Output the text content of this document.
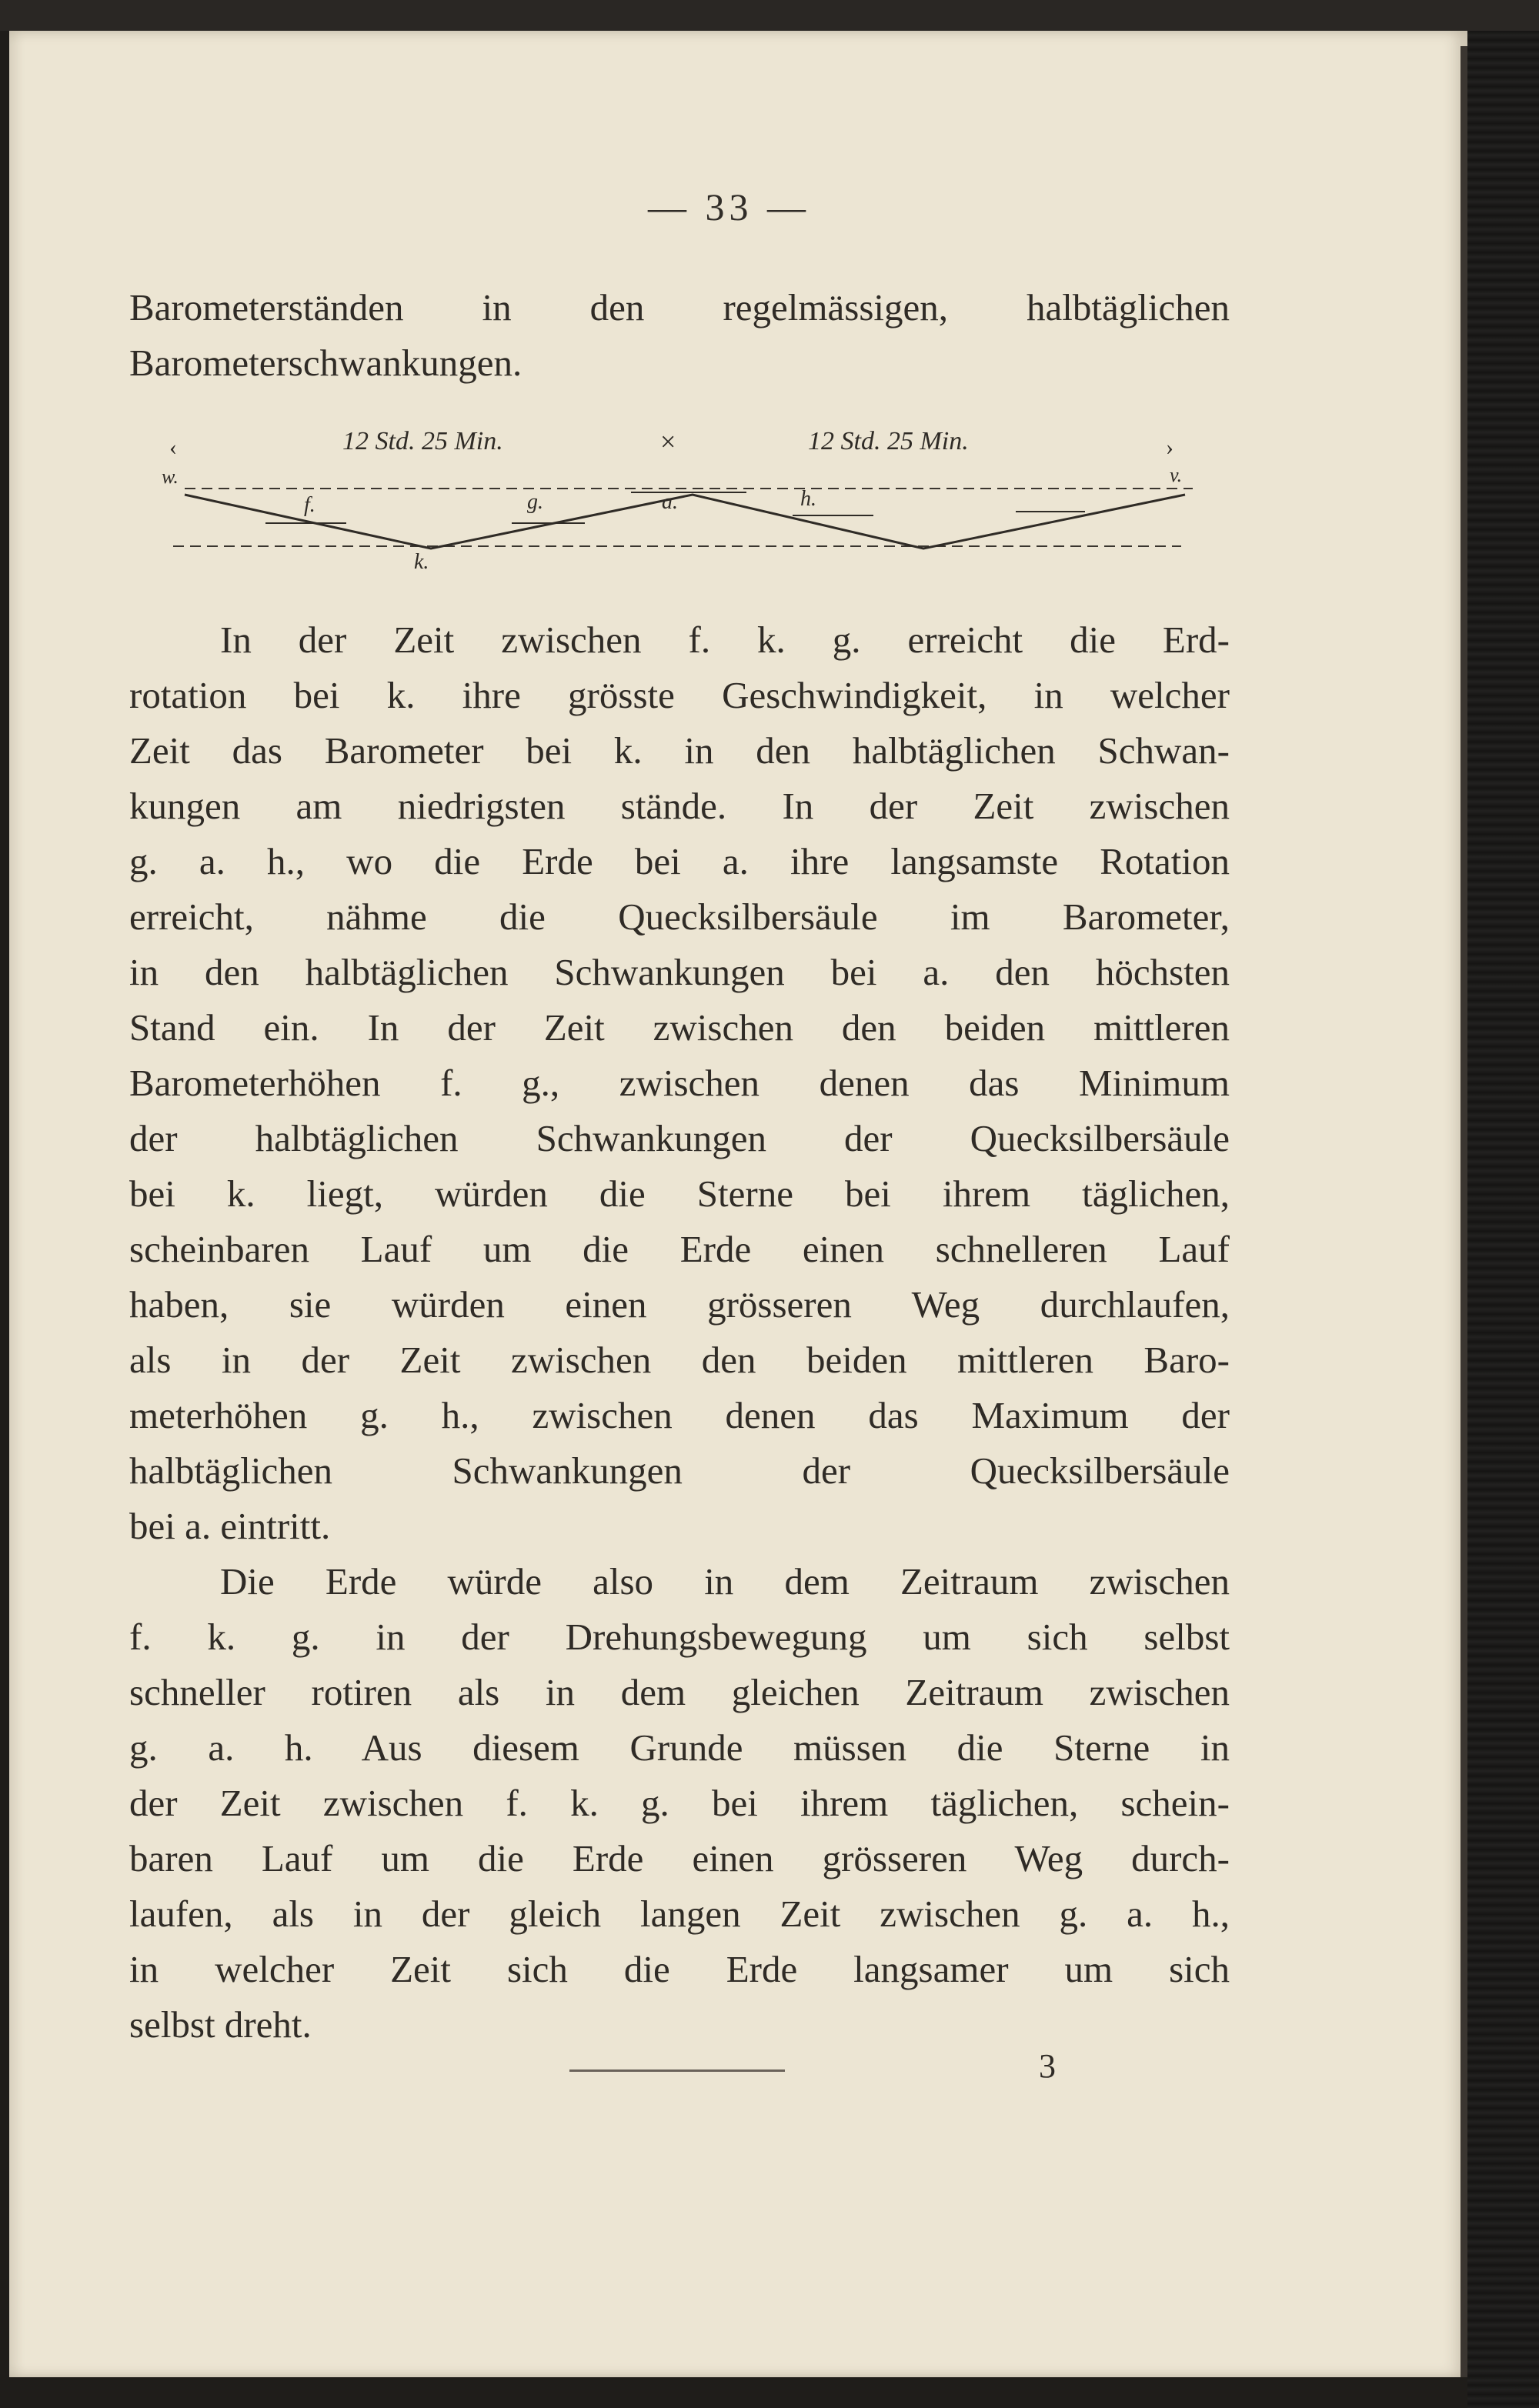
— 33 —
Barometerständen in den regelmässigen, halbtäglichen
Barometerschwankungen.
‹	›
12 Std. 25 Min.	12 Std. 25 Min.
×
w.	v.
f.	g.	a.	h.
k.
In der Zeit zwischen f. k. g. erreicht die Erd-
rotation bei k. ihre grösste Geschwindigkeit, in welcher
Zeit das Barometer bei k. in den halbtäglichen Schwan-
kungen am niedrigsten stände. In der Zeit zwischen
g. a. h., wo die Erde bei a. ihre langsamste Rotation
erreicht, nähme die Quecksilbersäule im Barometer,
in den halbtäglichen Schwankungen bei a. den höchsten
Stand ein. In der Zeit zwischen den beiden mittleren
Barometerhöhen f. g., zwischen denen das Minimum
der halbtäglichen Schwankungen der Quecksilbersäule
bei k. liegt, würden die Sterne bei ihrem täglichen,
scheinbaren Lauf um die Erde einen schnelleren Lauf
haben, sie würden einen grösseren Weg durchlaufen,
als in der Zeit zwischen den beiden mittleren Baro-
meterhöhen g. h., zwischen denen das Maximum der
halbtäglichen Schwankungen der Quecksilbersäule
bei a. eintritt.
Die Erde würde also in dem Zeitraum zwischen
f. k. g. in der Drehungsbewegung um sich selbst
schneller rotiren als in dem gleichen Zeitraum zwischen
g. a. h. Aus diesem Grunde müssen die Sterne in
der Zeit zwischen f. k. g. bei ihrem täglichen, schein-
baren Lauf um die Erde einen grösseren Weg durch-
laufen, als in der gleich langen Zeit zwischen g. a. h.,
in welcher Zeit sich die Erde langsamer um sich
selbst dreht.
3
